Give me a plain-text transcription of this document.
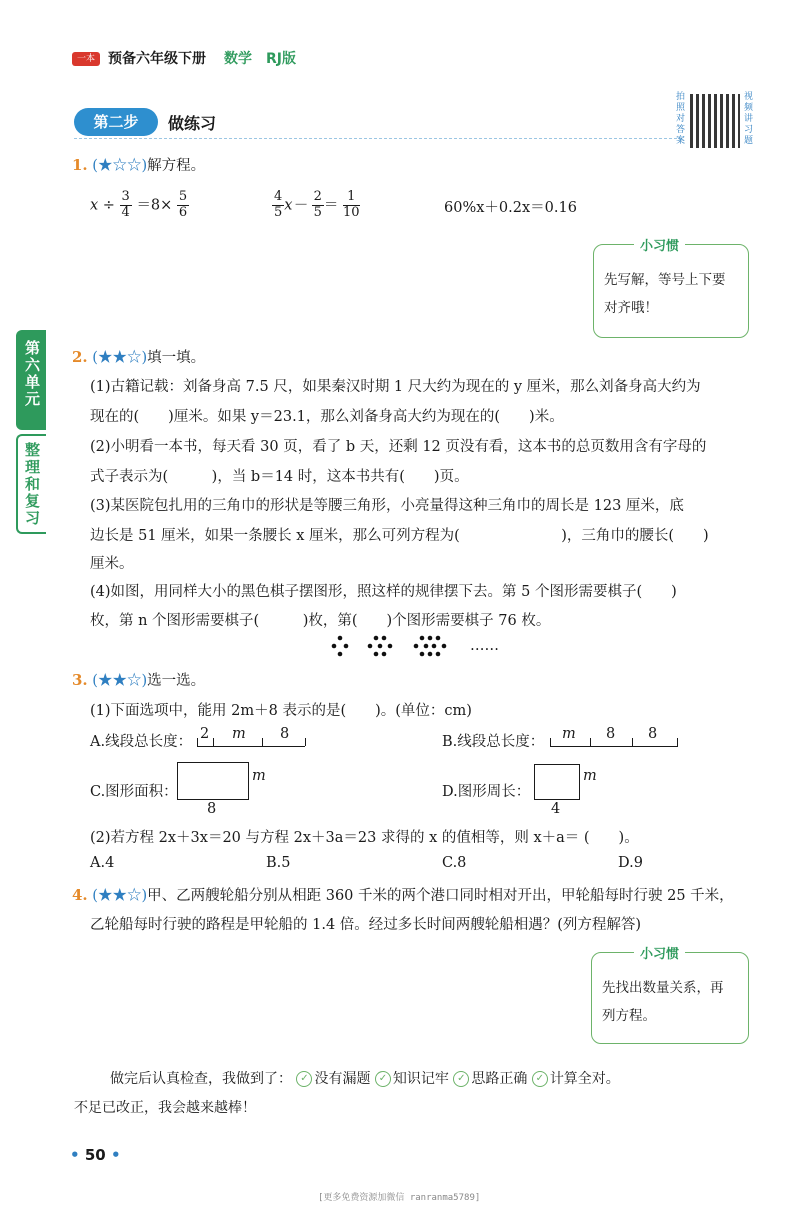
一本 预备六年级下册 数学 RJ版
第二步	做练习
拍照对答案
视频讲习题
第六单元
整理和复习
1. (★☆☆)解方程。
$x \div \frac{3}{4} =8\times \frac{5}{6}$	$\frac{4}{5} x- \frac{2}{5} = \frac{1}{10}$	60%x＋0.2x＝0.16
小习惯
先写解，等号上下要
对齐哦！
2. (★★☆)填一填。
(1)古籍记载：刘备身高 7.5 尺，如果秦汉时期 1 尺大约为现在的 y 厘米，那么刘备身高大约为
现在的(　　)厘米。如果 y＝23.1，那么刘备身高大约为现在的(　　)米。
(2)小明看一本书，每天看 30 页，看了 b 天，还剩 12 页没有看，这本书的总页数用含有字母的
式子表示为(　　　)，当 b＝14 时，这本书共有(　　)页。
(3)某医院包扎用的三角巾的形状是等腰三角形，小亮量得这种三角巾的周长是 123 厘米，底
边长是 51 厘米，如果一条腰长 x 厘米，那么可列方程为(　　　　　　　)，三角巾的腰长(　　)
厘米。
(4)如图，用同样大小的黑色棋子摆图形，照这样的规律摆下去。第 5 个图形需要棋子(　　)
枚，第 n 个图形需要棋子(　　　)枚，第(　　)个图形需要棋子 76 枚。
……
3. (★★☆)选一选。
(1)下面选项中，能用 2m＋8 表示的是(　　)。(单位：cm)
A.线段总长度： 2 m 8	B.线段总长度： m 8 8
C.图形面积：
m
8
D.图形周长：
m
4
(2)若方程 2x＋3x＝20 与方程 2x＋3a＝23 求得的 x 的值相等，则 x＋a＝ (　　)。
A.4	B.5	C.8	D.9
4. (★★☆)甲、乙两艘轮船分别从相距 360 千米的两个港口同时相对开出，甲轮船每时行驶 25 千米，
乙轮船每时行驶的路程是甲轮船的 1.4 倍。经过多长时间两艘轮船相遇？(列方程解答)
小习惯
先找出数量关系，再
列方程。
做完后认真检查，我做到了： ✓ 没有漏题 ✓ 知识记牢 ✓ 思路正确 ✓ 计算全对。
不足已改正，我会越来越棒！
• 50 •
[更多免费资源加微信 ranranma5789]
